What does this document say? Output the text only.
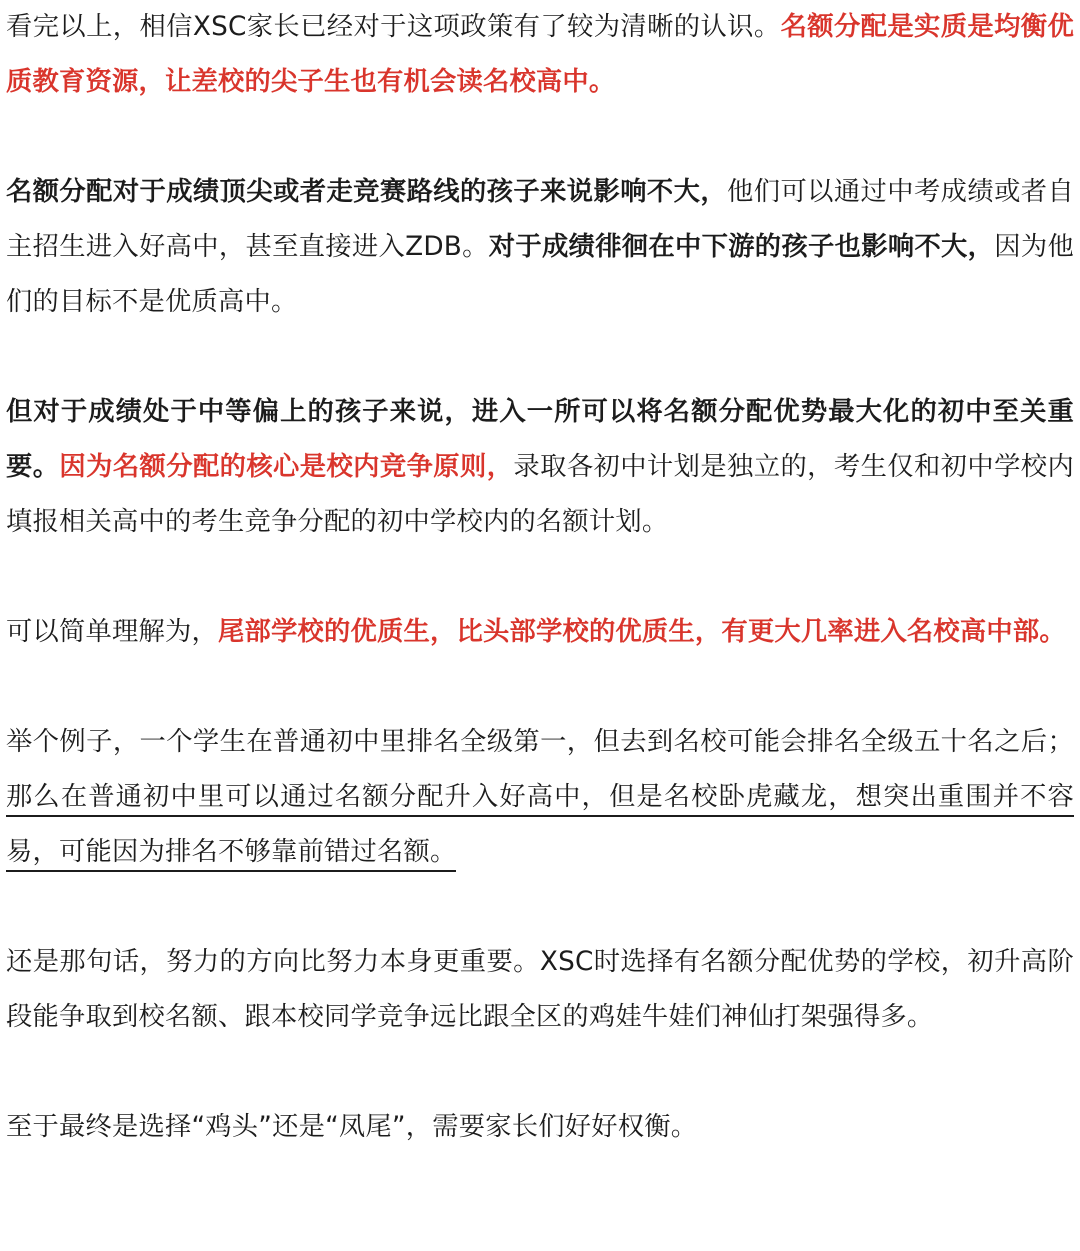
看完以上，相信XSC家长已经对于这项政策有了较为清晰的认识。名额分配是实质是均衡优质教育资源，让差校的尖子生也有机会读名校高中。

名额分配对于成绩顶尖或者走竞赛路线的孩子来说影响不大，他们可以通过中考成绩或者自主招生进入好高中，甚至直接进入ZDB。对于成绩徘徊在中下游的孩子也影响不大，因为他们的目标不是优质高中。

但对于成绩处于中等偏上的孩子来说，进入一所可以将名额分配优势最大化的初中至关重要。因为名额分配的核心是校内竞争原则，录取各初中计划是独立的，考生仅和初中学校内填报相关高中的考生竞争分配的初中学校内的名额计划。

可以简单理解为，尾部学校的优质生，比头部学校的优质生，有更大几率进入名校高中部。

举个例子，一个学生在普通初中里排名全级第一，但去到名校可能会排名全级五十名之后；那么在普通初中里可以通过名额分配升入好高中，但是名校卧虎藏龙，想突出重围并不容易，可能因为排名不够靠前错过名额。

还是那句话，努力的方向比努力本身更重要。XSC时选择有名额分配优势的学校，初升高阶段能争取到校名额、跟本校同学竞争远比跟全区的鸡娃牛娃们神仙打架强得多。

至于最终是选择“鸡头”还是“凤尾”，需要家长们好好权衡。
